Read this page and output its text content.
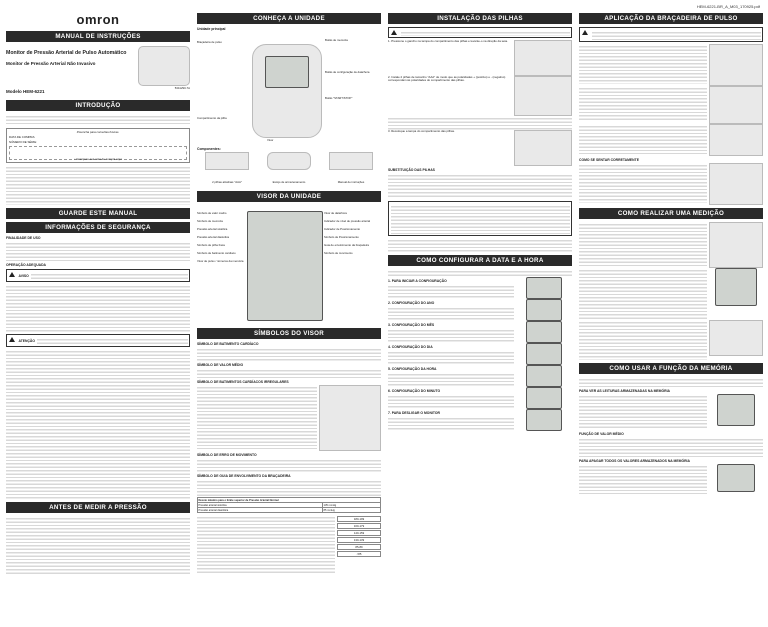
HEM-6221-BR_A_M03_170925.pdf
omron
MANUAL DE INSTRUÇÕES
Monitor de Pressão Arterial de Pulso Automático
Monitor de Pressão Arterial Não Invasivo
Modelo HEM-6221
5341290-7A
INTRODUÇÃO
Preencha para consultas futuras.
DATA DE COMPRA:
NÚMERO DE SÉRIE:
• Grampeie sua nota de compra aqui
GUARDE ESTE MANUAL
INFORMAÇÕES DE SEGURANÇA
FINALIDADE DE USO
OPERAÇÃO ADEQUADA
AVISO
ATENÇÃO
ANTES DE MEDIR A PRESSÃO
CONHEÇA A UNIDADE
Unidade principal
Braçadeira de pulso	Botão de memória
Botão de configuração de data/hora
Botão "START/STOP"
Compartimento da pilha
Visor
Componentes:
2 pilhas alcalinas "AAA"	Estojo de armazenamento	Manual de instruções
VISOR DA UNIDADE
Símbolo de valor médio
Símbolo de memória
Pressão arterial sistólica
Pressão arterial diastólica
Símbolo de pilha fraca
Símbolo de batimento cardíaco
Visor de pulso / números da memória
Visor de data/hora
Indicador de nível de pressão arterial
Indicador de Posicionamento
Símbolo de Posicionamento
Guia de envolvimento da braçadeira
Símbolo de movimento
SÍMBOLOS DO VISOR
SÍMBOLO DE BATIMENTO CARDÍACO
SÍMBOLO DE VALOR MÉDIO
SÍMBOLO DE BATIMENTOS CARDÍACOS IRREGULARES
SÍMBOLO DE ERRO DE MOVIMENTO
SÍMBOLO DE GUIA DE ENVOLVIMENTO DA BRAÇADEIRA
Desvio máximo para o limite superior de Pressão Arterial Normal	
Pressão arterial sistólica	135 mmHg
Pressão arterial diastólica	85 mmHg
180-199
160-179
140-159
130-139
85-89
<85
INSTALAÇÃO DAS PILHAS

1. Pressione o gancho na tampa do compartimento das pilhas e levante-o na direção da seta.

2. Instale 2 pilhas de tamanho "AAA" de modo que as polaridades + (positivo) e - (negativo) correspondam às polaridades do compartimento das pilhas.

3. Recoloque a tampa do compartimento das pilhas.

SUBSTITUIÇÃO DAS PILHAS
COMO CONFIGURAR A DATA E A HORA
1. PARA INICIAR A CONFIGURAÇÃO
2. CONFIGURAÇÃO DO ANO
3. CONFIGURAÇÃO DO MÊS
4. CONFIGURAÇÃO DO DIA
5. CONFIGURAÇÃO DA HORA
6. CONFIGURAÇÃO DO MINUTO
7. PARA DESLIGAR O MONITOR
APLICAÇÃO DA BRAÇADEIRA DE PULSO
COMO SE SENTAR CORRETAMENTE
COMO REALIZAR UMA MEDIÇÃO
COMO USAR A FUNÇÃO DA MEMÓRIA
PARA VER AS LEITURAS ARMAZENADAS NA MEMÓRIA
FUNÇÃO DE VALOR MÉDIO
PARA APAGAR TODOS OS VALORES ARMAZENADOS NA MEMÓRIA
